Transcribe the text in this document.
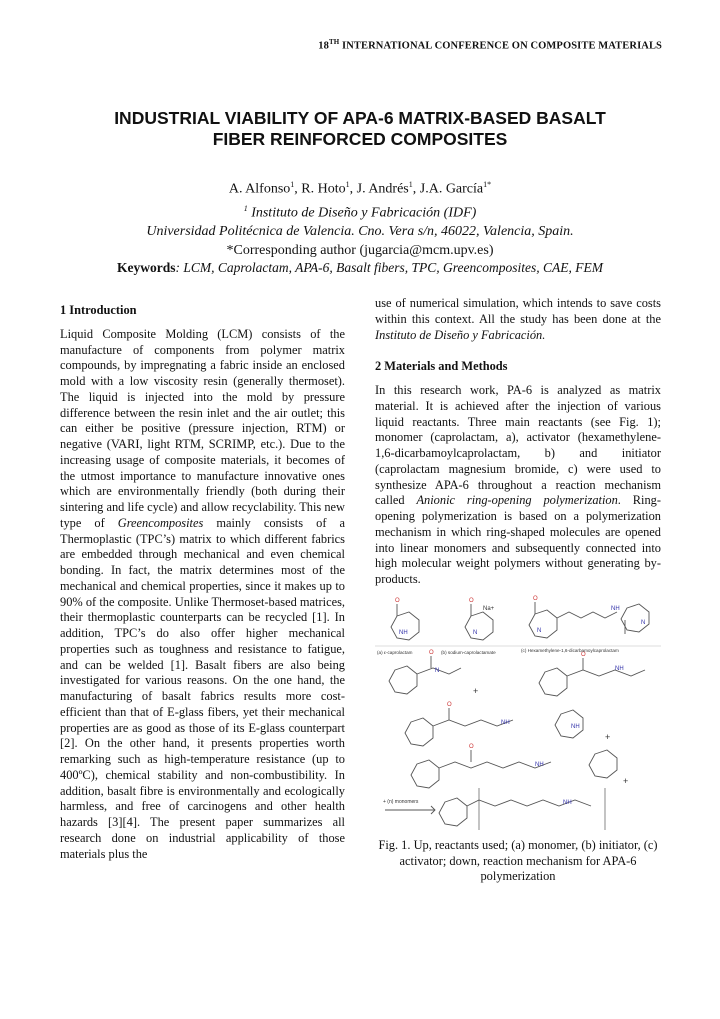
18TH INTERNATIONAL CONFERENCE ON COMPOSITE MATERIALS
INDUSTRIAL VIABILITY OF APA-6 MATRIX-BASED BASALT
FIBER REINFORCED COMPOSITES
A. Alfonso$^1$, R. Hoto$^1$, J. Andrés$^1$, J.A. García$^{1*}$
$^1$ Instituto de Diseño y Fabricación (IDF)
Universidad Politécnica de Valencia. Cno. Vera s/n, 46022, Valencia, Spain.
*Corresponding author (jugarcia@mcm.upv.es)
Keywords: LCM, Caprolactam, APA-6, Basalt fibers, TPC, Greencomposites, CAE, FEM
1 Introduction

Liquid Composite Molding (LCM) consists of the manufacture of components from polymer matrix compounds, by impregnating a fabric inside an enclosed mold with a low viscosity resin (generally thermoset). The liquid is injected into the mold by pressure difference between the resin inlet and the air outlet; this can either be positive (pressure injection, RTM) or negative (VARI, light RTM, SCRIMP, etc.). Due to the increasing usage of composite materials, it becomes of the utmost importance to manufacture innovative ones which are environmentally friendly (both during their sintering and life cycle) and allow recyclability. This new type of Greencomposites mainly consists of a Thermoplastic (TPC’s) matrix to which different fabrics are embedded through mechanical and even chemical bonding. In fact, the matrix determines most of the mechanical and chemical properties, since it makes up to 90% of the composite. Unlike Thermoset-based matrices, their thermoplastic counterparts can be recycled [1]. In addition, TPC’s do also offer higher mechanical properties such as toughness and resistance to fatigue, and can be welded [1]. Basalt fibers are also being investigated for various reasons. On the one hand, the manufacturing of basalt fabrics results more cost-efficient than that of E-glass fibers, yet their mechanical properties are as good as those of its E-glass counterpart [2]. On the other hand, it presents properties worth remarking such as high-temperature resistance (up to 400ºC), chemical stability and non-combustibility. In addition, basalt fibre is environmentally and ecologically harmless, and free of carcinogens and other health hazards [3][4]. The present paper summarizes all research done on industrial applicability of those materials plus the

use of numerical simulation, which intends to save costs within this context. All the study has been done at the Instituto de Diseño y Fabricación.

2 Materials and Methods

In this research work, PA-6 is analyzed as matrix material. It is achieved after the injection of various liquid reactants. Three main reactants (see Fig. 1); monomer (caprolactam, a), activator (hexamethylene-1,6-dicarbamoylcaprolactam, b) and initiator (caprolactam magnesium bromide, c) were used to synthesize APA-6 throughout a reaction mechanism called Anionic ring-opening polymerization. Ring-opening polymerization is based on a polymerization mechanism in which ring-shaped molecules are opened into linear monomers and subsequently connected into high molecular weight polymers without generating by-products.

O	O	O
O	O
O
O
NH	N	N
NH
N
N	NH
NH
NH
NH
NH
Na+
(a) ε-caprolactam	(b) sodium-caprolactamate	(c) Hexamethylene-1,6-dicarbamoylcaprolactam
+
+
+
+ (n) monomers
Fig. 1. Up, reactants used; (a) monomer, (b) initiator, (c) activator; down, reaction mechanism for APA-6 polymerization
